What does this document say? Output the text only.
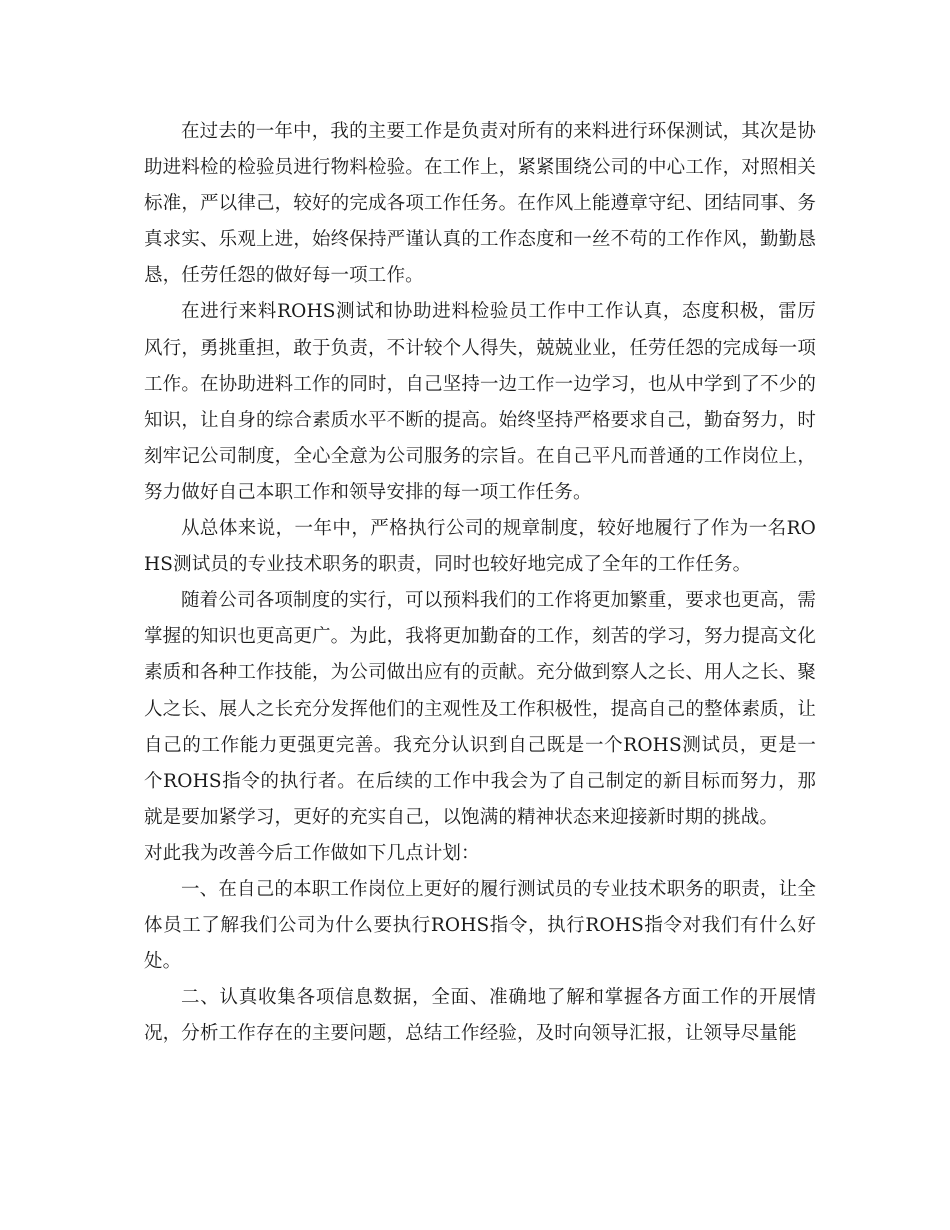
在过去的一年中，我的主要工作是负责对所有的来料进行环保测试，其次是协助进料检的检验员进行物料检验。在工作上，紧紧围绕公司的中心工作，对照相关标准，严以律己，较好的完成各项工作任务。在作风上能遵章守纪、团结同事、务真求实、乐观上进，始终保持严谨认真的工作态度和一丝不苟的工作作风，勤勤恳恳，任劳任怨的做好每一项工作。

在进行来料ROHS测试和协助进料检验员工作中工作认真，态度积极，雷厉风行，勇挑重担，敢于负责，不计较个人得失，兢兢业业，任劳任怨的完成每一项工作。在协助进料工作的同时，自己坚持一边工作一边学习，也从中学到了不少的知识，让自身的综合素质水平不断的提高。始终坚持严格要求自己，勤奋努力，时刻牢记公司制度，全心全意为公司服务的宗旨。在自己平凡而普通的工作岗位上，努力做好自己本职工作和领导安排的每一项工作任务。

从总体来说，一年中，严格执行公司的规章制度，较好地履行了作为一名ROHS测试员的专业技术职务的职责，同时也较好地完成了全年的工作任务。

随着公司各项制度的实行，可以预料我们的工作将更加繁重，要求也更高，需掌握的知识也更高更广。为此，我将更加勤奋的工作，刻苦的学习，努力提高文化素质和各种工作技能，为公司做出应有的贡献。充分做到察人之长、用人之长、聚人之长、展人之长充分发挥他们的主观性及工作积极性，提高自己的整体素质，让自己的工作能力更强更完善。我充分认识到自己既是一个ROHS测试员，更是一个ROHS指令的执行者。在后续的工作中我会为了自己制定的新目标而努力，那就是要加紧学习，更好的充实自己，以饱满的精神状态来迎接新时期的挑战。

对此我为改善今后工作做如下几点计划：

一、在自己的本职工作岗位上更好的履行测试员的专业技术职务的职责，让全体员工了解我们公司为什么要执行ROHS指令，执行ROHS指令对我们有什么好处。

二、认真收集各项信息数据，全面、准确地了解和掌握各方面工作的开展情况，分析工作存在的主要问题，总结工作经验，及时向领导汇报，让领导尽量能
